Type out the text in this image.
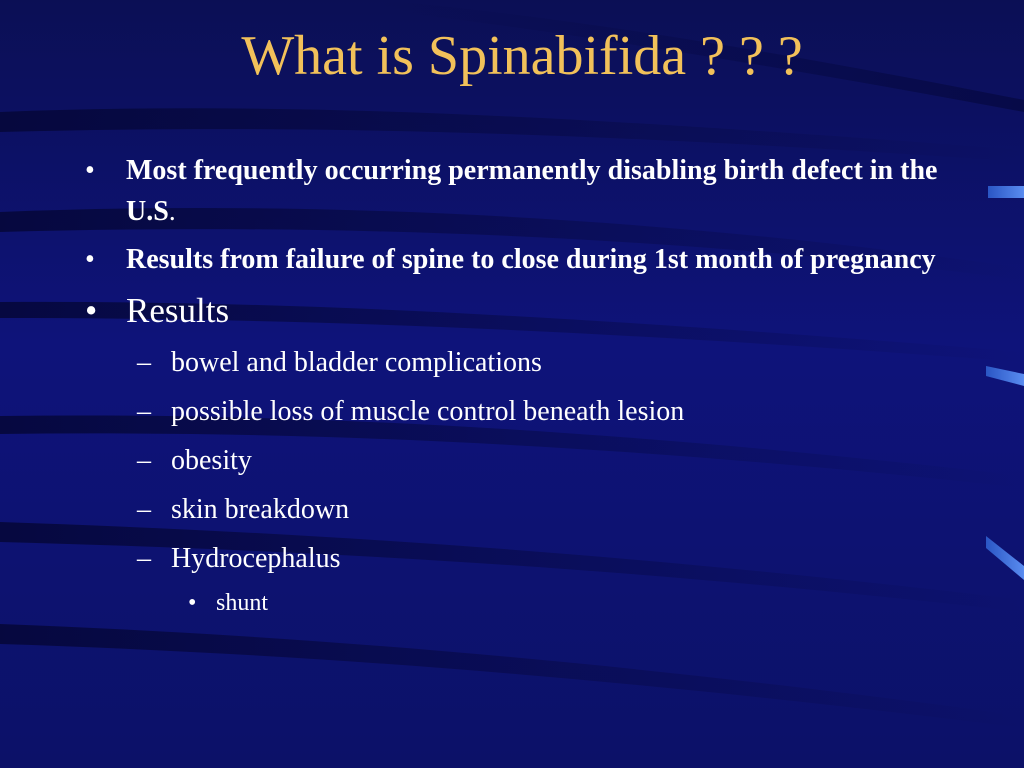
What is Spinabifida ? ? ?
• Most frequently occurring permanently disabling birth defect in the U.S.
• Results from failure of spine to close during 1st month of pregnancy
• Results
– bowel and bladder complications
– possible loss of muscle control beneath lesion
– obesity
– skin breakdown
– Hydrocephalus
• shunt
